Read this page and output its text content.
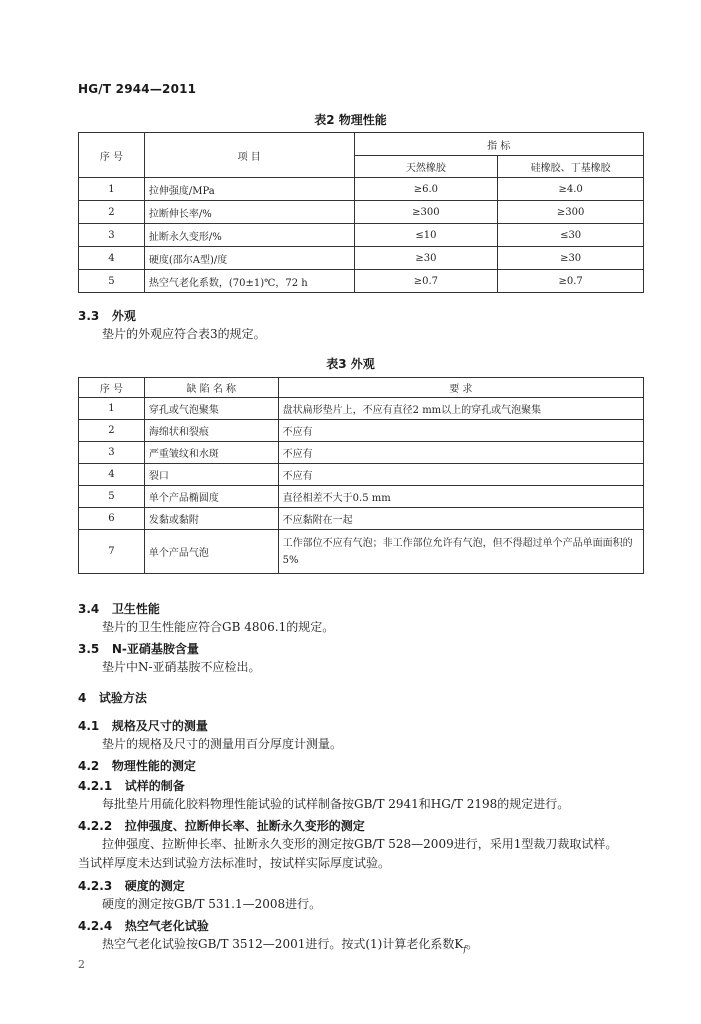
HG/T 2944—2011
表2 物理性能
序 号	项 目	指 标	
		天然橡胶	硅橡胶、丁基橡胶
1	拉伸强度/MPa	≥6.0	≥4.0
2	拉断伸长率/%	≥300	≥300
3	扯断永久变形/%	≤10	≤30
4	硬度(邵尔A型)/度	≥30	≥30
5	热空气老化系数，(70±1)℃，72 h	≥0.7	≥0.7
3.3 外观
垫片的外观应符合表3的规定。
表3 外观
序 号	缺 陷 名 称	要 求
1	穿孔或气泡聚集	盘状扁形垫片上，不应有直径2 mm以上的穿孔或气泡聚集
2	海绵状和裂痕	不应有
3	严重皱纹和水斑	不应有
4	裂口	不应有
5	单个产品椭圆度	直径相差不大于0.5 mm
6	发黏或黏附	不应黏附在一起
7	单个产品气泡	工作部位不应有气泡；非工作部位允许有气泡，但不得超过单个产品单面面积的5%
3.4 卫生性能
垫片的卫生性能应符合GB 4806.1的规定。
3.5 N-亚硝基胺含量
垫片中N-亚硝基胺不应检出。
4 试验方法
4.1 规格及尺寸的测量
垫片的规格及尺寸的测量用百分厚度计测量。
4.2 物理性能的测定
4.2.1 试样的制备
每批垫片用硫化胶料物理性能试验的试样制备按GB/T 2941和HG/T 2198的规定进行。
4.2.2 拉伸强度、拉断伸长率、扯断永久变形的测定
拉伸强度、拉断伸长率、扯断永久变形的测定按GB/T 528—2009进行，采用1型裁刀裁取试样。
当试样厚度未达到试验方法标准时，按试样实际厚度试验。
4.2.3 硬度的测定
硬度的测定按GB/T 531.1—2008进行。
4.2.4 热空气老化试验
热空气老化试验按GB/T 3512—2001进行。按式(1)计算老化系数$K_f$。
2
